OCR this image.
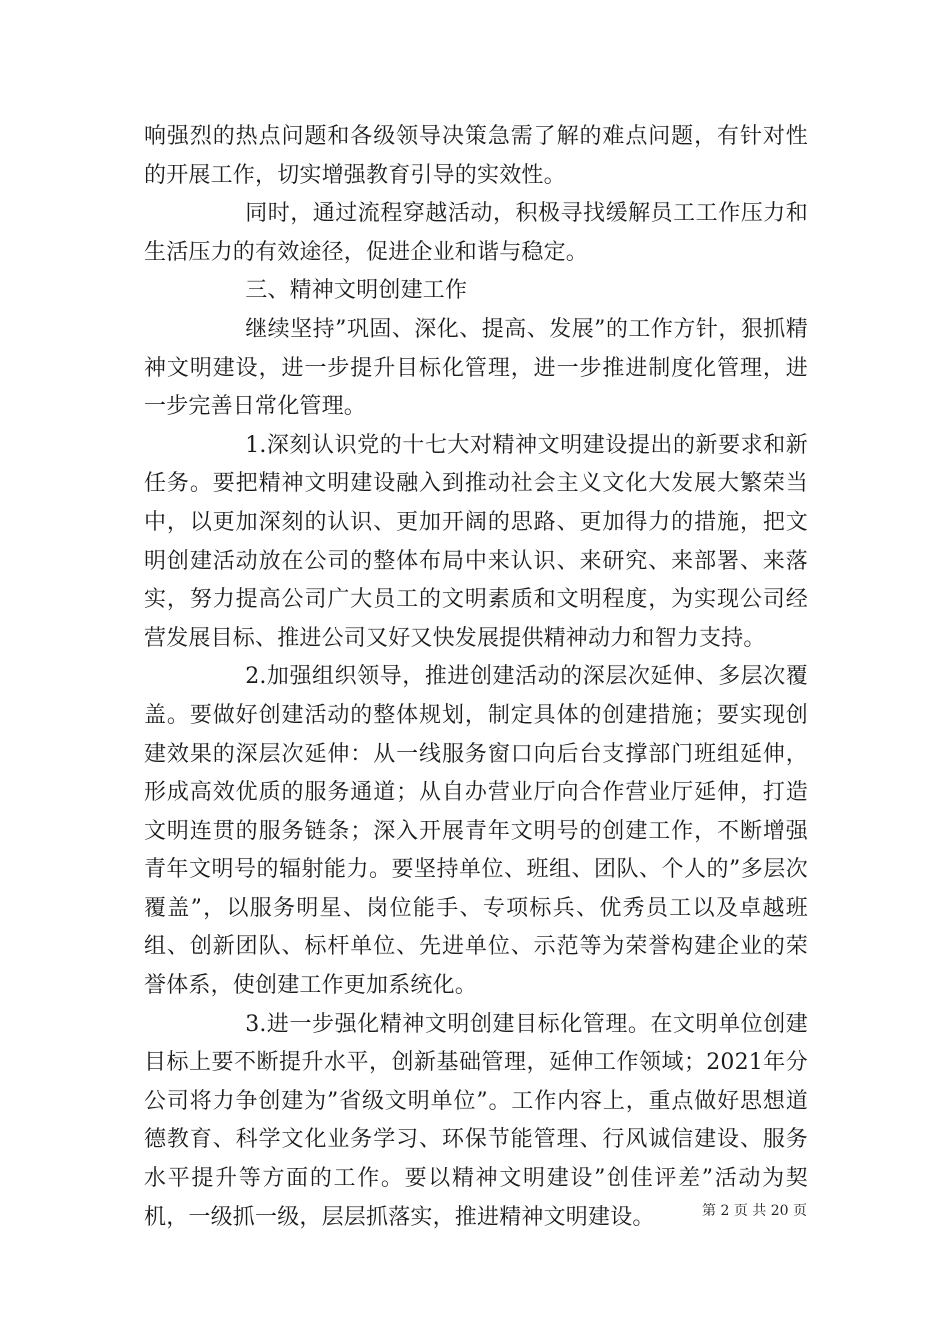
响强烈的热点问题和各级领导决策急需了解的难点问题，有针对性的开展工作，切实增强教育引导的实效性。

同时，通过流程穿越活动，积极寻找缓解员工工作压力和生活压力的有效途径，促进企业和谐与稳定。

三、精神文明创建工作

继续坚持”巩固、深化、提高、发展”的工作方针，狠抓精神文明建设，进一步提升目标化管理，进一步推进制度化管理，进一步完善日常化管理。

1.深刻认识党的十七大对精神文明建设提出的新要求和新任务。要把精神文明建设融入到推动社会主义文化大发展大繁荣当中，以更加深刻的认识、更加开阔的思路、更加得力的措施，把文明创建活动放在公司的整体布局中来认识、来研究、来部署、来落实，努力提高公司广大员工的文明素质和文明程度，为实现公司经营发展目标、推进公司又好又快发展提供精神动力和智力支持。

2.加强组织领导，推进创建活动的深层次延伸、多层次覆盖。要做好创建活动的整体规划，制定具体的创建措施；要实现创建效果的深层次延伸：从一线服务窗口向后台支撑部门班组延伸，形成高效优质的服务通道；从自办营业厅向合作营业厅延伸，打造文明连贯的服务链条；深入开展青年文明号的创建工作，不断增强青年文明号的辐射能力。要坚持单位、班组、团队、个人的”多层次覆盖”，以服务明星、岗位能手、专项标兵、优秀员工以及卓越班组、创新团队、标杆单位、先进单位、示范等为荣誉构建企业的荣誉体系，使创建工作更加系统化。

3.进一步强化精神文明创建目标化管理。在文明单位创建目标上要不断提升水平，创新基础管理，延伸工作领域；2021年分公司将力争创建为”省级文明单位”。工作内容上，重点做好思想道德教育、科学文化业务学习、环保节能管理、行风诚信建设、服务水平提升等方面的工作。要以精神文明建设”创佳评差”活动为契机，一级抓一级，层层抓落实，推进精神文明建设。	第 2 页 共 20 页
